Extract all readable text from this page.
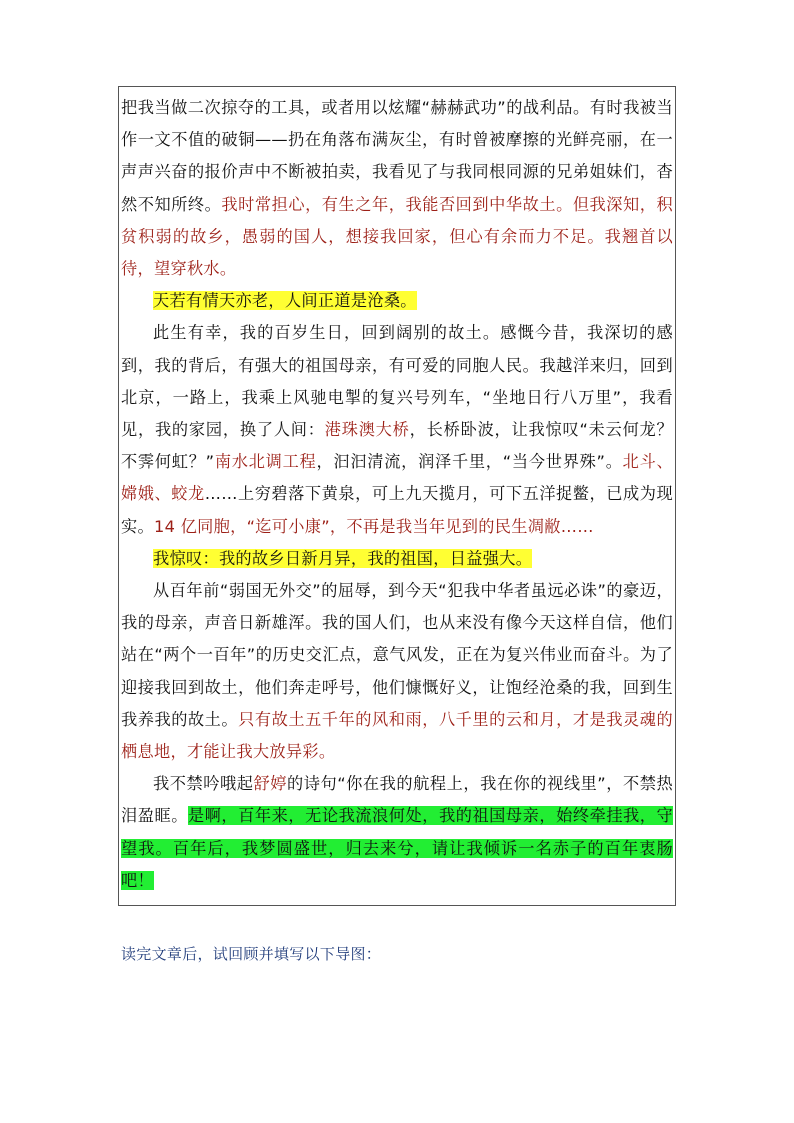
把我当做二次掠夺的工具，或者用以炫耀“赫赫武功”的战利品。有时我被当作一文不值的破铜——扔在角落布满灰尘，有时曾被摩擦的光鲜亮丽，在一声声兴奋的报价声中不断被拍卖，我看见了与我同根同源的兄弟姐妹们，杳然不知所终。我时常担心，有生之年，我能否回到中华故土。但我深知，积贫积弱的故乡，愚弱的国人，想接我回家，但心有余而力不足。我翘首以待，望穿秋水。

天若有情天亦老，人间正道是沧桑。

此生有幸，我的百岁生日，回到阔别的故土。感慨今昔，我深切的感到，我的背后，有强大的祖国母亲，有可爱的同胞人民。我越洋来归，回到北京，一路上，我乘上风驰电掣的复兴号列车，“坐地日行八万里”，我看见，我的家园，换了人间：港珠澳大桥，长桥卧波，让我惊叹“未云何龙？不霁何虹？”南水北调工程，汩汩清流，润泽千里，“当今世界殊”。北斗、嫦娥、蛟龙……上穷碧落下黄泉，可上九天揽月，可下五洋捉鳖，已成为现实。14 亿同胞，“迄可小康”，不再是我当年见到的民生凋敝……

我惊叹：我的故乡日新月异，我的祖国，日益强大。

从百年前“弱国无外交”的屈辱，到今天“犯我中华者虽远必诛”的豪迈，我的母亲，声音日新雄浑。我的国人们，也从来没有像今天这样自信，他们站在“两个一百年”的历史交汇点，意气风发，正在为复兴伟业而奋斗。为了迎接我回到故土，他们奔走呼号，他们慷慨好义，让饱经沧桑的我，回到生我养我的故土。只有故土五千年的风和雨，八千里的云和月，才是我灵魂的栖息地，才能让我大放异彩。

我不禁吟哦起舒婷的诗句“你在我的航程上，我在你的视线里”，不禁热泪盈眶。是啊，百年来，无论我流浪何处，我的祖国母亲，始终牵挂我，守望我。百年后，我梦圆盛世，归去来兮，请让我倾诉一名赤子的百年衷肠吧！

读完文章后，试回顾并填写以下导图：
